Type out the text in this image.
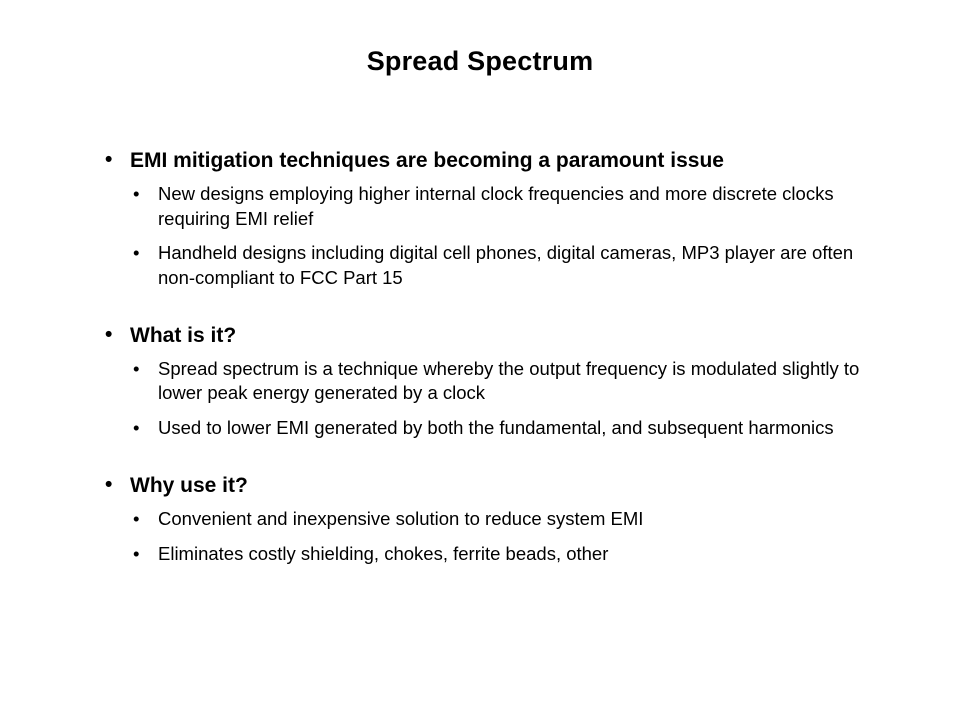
Spread Spectrum
• EMI mitigation techniques are becoming a paramount issue
• New designs employing higher internal clock frequencies and more discrete clocks requiring EMI relief
• Handheld designs including digital cell phones, digital cameras, MP3 player are often non-compliant to FCC Part 15
• What is it?
• Spread spectrum is a technique whereby the output frequency is modulated slightly to lower peak energy generated by a clock
• Used to lower EMI generated by both the fundamental, and subsequent harmonics
• Why use it?
• Convenient and inexpensive solution to reduce system EMI
• Eliminates costly shielding, chokes, ferrite beads, other
